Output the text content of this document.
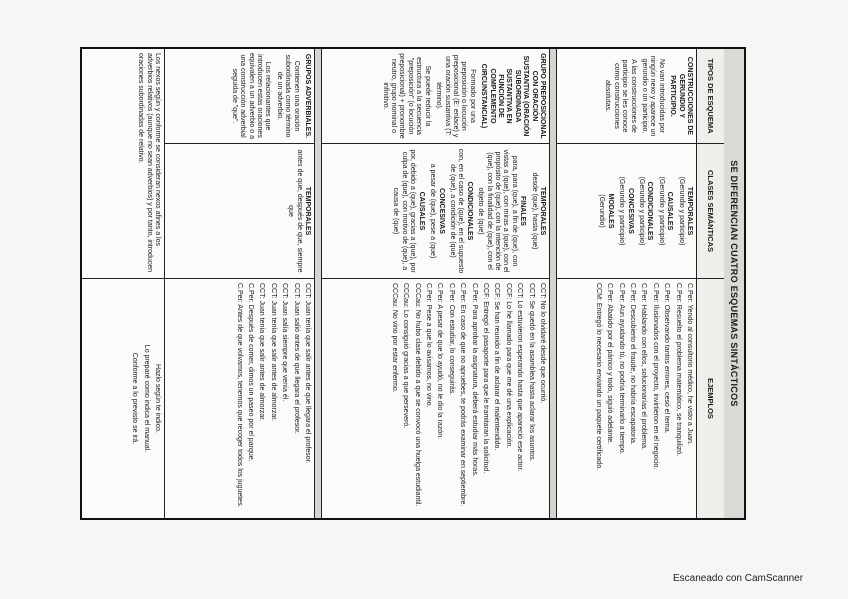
SE DIFERENCIAN CUATRO ESQUEMAS SINTÁCTICOS
TIPOS DE ESQUEMA
CLASES SEMÁNTICAS
EJEMPLOS
CONSTRUCCIONES DE GERUNDIO Y PARTICIPIO.
No van introducidas por ningún nexo y aparece un gerundio o un participio.
A las construcciones de participio se les conoce como construcciones absolutas.
TEMPORALES
(Gerundio y participio)
CAUSALES
(Gerundio y participio)
CONDICIONALES
(Gerundio y participio)
CONCESIVAS
(Gerundio y participio)
MODALES
(Gerundio)
C.Per: Yendo al consultorio médico, he visto a Juan.
C.Per: Resuelto el problema matemático, se tranquilizó.
C.Per: Observando tantos errores, cesó el tema.
C.Per: Ilusionados con el proyecto, invirtieron en el negocio.
C.Per: Hablando con ellos, solucionarías el problema.
C.Per: Descubierto el fraude, no habría escapatoria.
C.Per: Aun ayudando tú, no podría terminarlo a tiempo.
C.Per: Abatido por el pánico y todo, siguió adelante.
CCM: Entregó lo necesario enviando un paquete certificado.
GRUPO PREPOSICIONAL CON ORACIÓN SUSTANTIVA (ORACIÓN SUBORDINADA SUSTANTIVA EN FUNCIÓN DE COMPLEMENTO CIRCUNSTANCIAL)
Formado por una preposición o locución preposicional (E: enlace) y una oración sustantiva (T: término).
Se puede reducir la estructura a la secuencia "preposición" (o locución preposicional) + pronombre neutro, grupo nominal o infinitivo.
TEMPORALES
desde (que), hasta (que)
FINALES
para, para (que), a fin de (que), con vistas a (que), con miras a (que), con el propósito de (que), con la intención de (que), con la finalidad de (que), con el objeto de (que)
CONDICIONALES
con, en el caso de (que), en el supuesto de (que), a condición de (que)
CONCESIVAS
a pesar de (que), pese a (que)
CAUSALES
por, debido a (que), gracias a (que), por culpa de (que), con motivo de (que), a causa de (que)
CCT: No lo olvidaré desde que ocurrió.
CCT: Se quedó en la asamblea hasta aclarar los asuntos.
CCT: Lo estuvieron esperando hasta que apareció ese actor.
CCF: Lo he llamado para que me dé una explicación.
CCF: Se han reunido a fin de aclarar el malentendido.
CCF: Entregó el pasaporte para que le tramitaran la solicitud.
C.Per: Para aprobar la asignatura, deberá estudiar más horas.
C.Per: En caso de que no apruebes, te podrás examinar en septiembre.
C.Per: Con estudiar, lo conseguirás.
C.Per: A pesar de que lo ayudó, no le dio la razón.
C.Per: Pese a que lo avisamos, no vino.
CCCau: No hubo clase debido a que se convocó una huelga estudiantil.
CCCau: Lo consiguió gracias a que perseveró.
CCCau: No vino por estar enfermo.
GRUPOS ADVERBIALES.
Contienen una oración subordinada como término de un adverbio.
Los relacionantes que introducen estas oraciones equivalen a un adverbio o a una construcción adverbial seguida de "que".
TEMPORALES
antes de que, después de que, siempre que
CCT: Juan tenía que salir antes de que llegara el profesor.
CCT: Juan salió antes de que llegara el profesor.
CCT: Juan salía siempre que venía él.
CCT: Juan tenía que salir antes de almorzar.
CCT: Juan tenía que salir antes de almorzar.
C.Per: Después de comer, dimos un paseo por el parque.
C.Per: Antes de que volvamos, tenemos que recoger todos los juguetes.
Los nexos según y conforme se consideran nexos afines a los adverbios relativos (aunque no sean adverbios) y por tanto, introducen oraciones subordinadas de relativo.
Hazlo según te indico.
Lo preparé como indica el manual.
Conforme a lo previsto se irá.
Escaneado con CamScanner
